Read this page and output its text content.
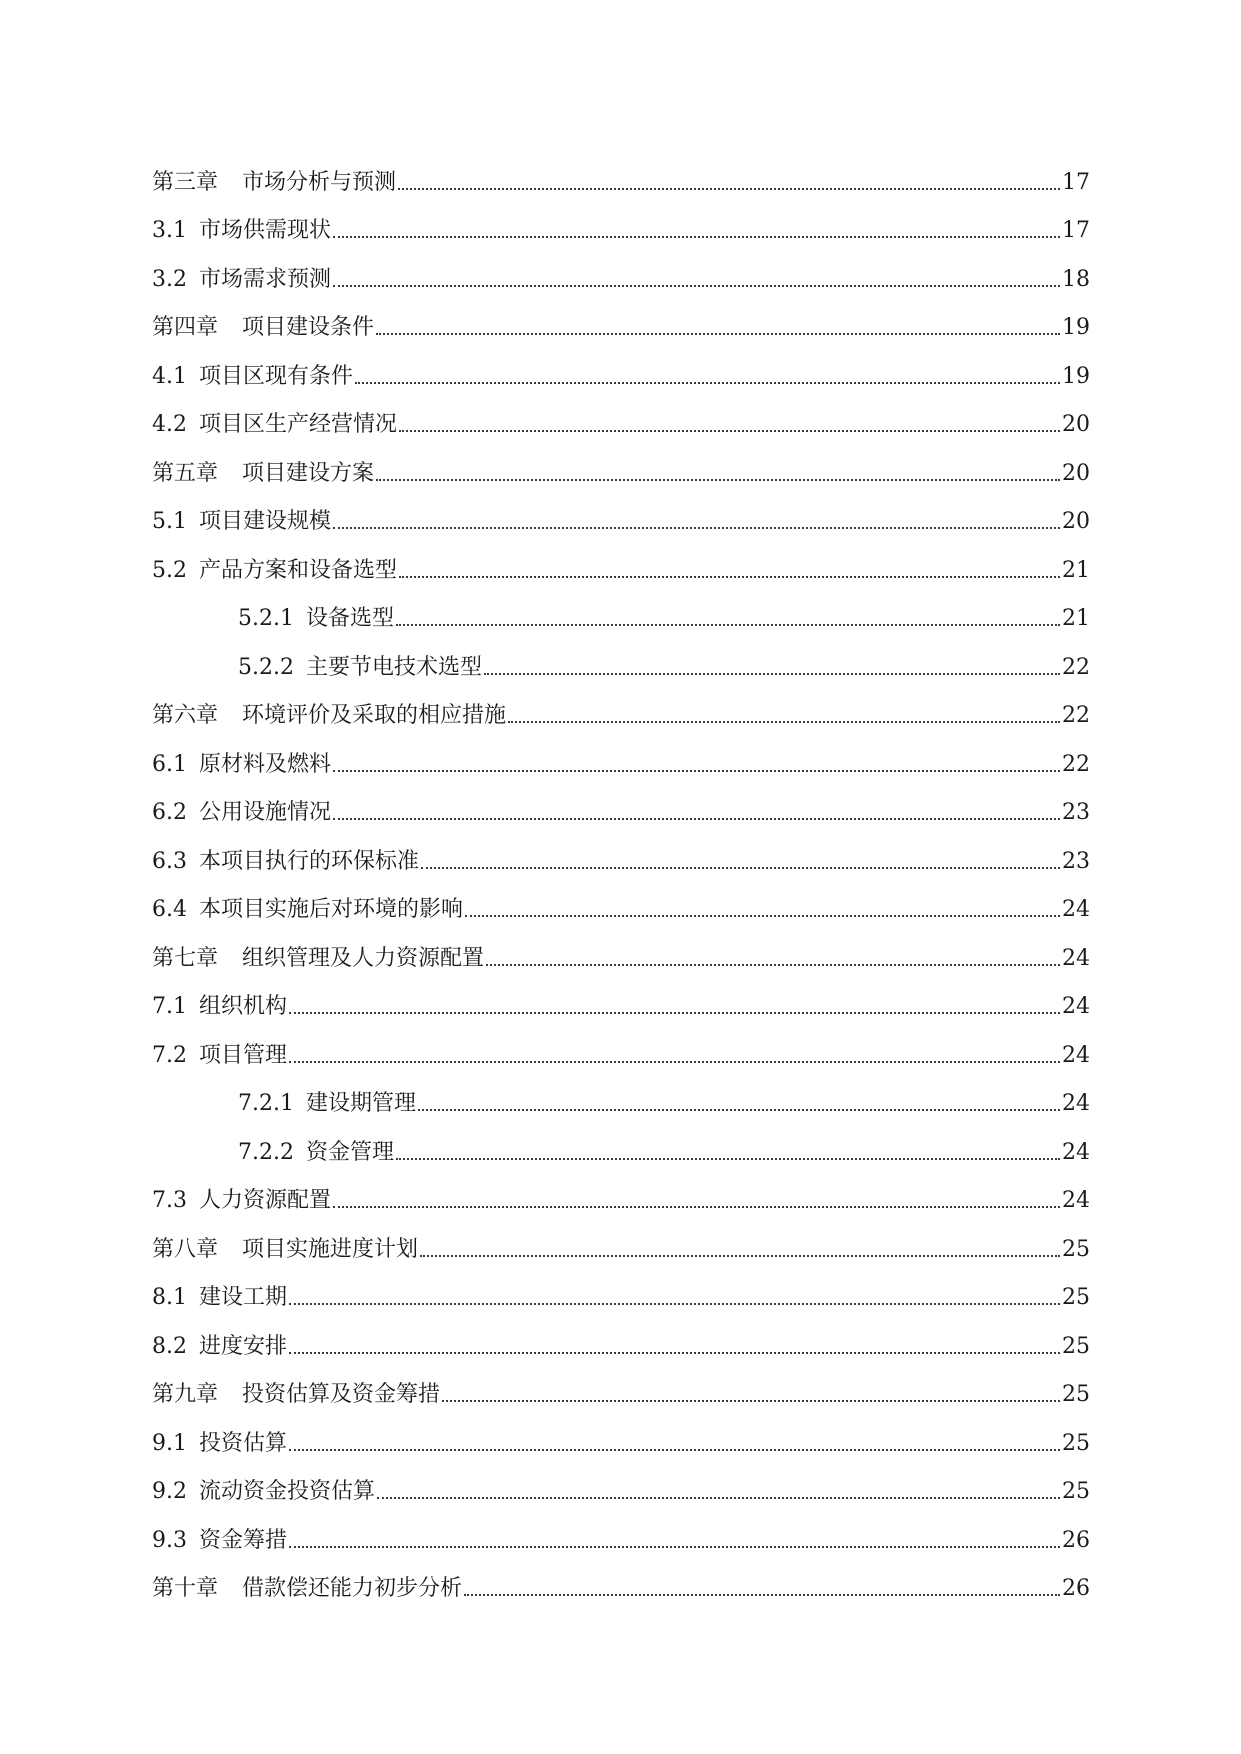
第三章 市场分析与预测	17
3.1 市场供需现状	17
3.2 市场需求预测	18
第四章 项目建设条件	19
4.1 项目区现有条件	19
4.2 项目区生产经营情况	20
第五章 项目建设方案	20
5.1 项目建设规模	20
5.2 产品方案和设备选型	21
5.2.1 设备选型	21
5.2.2 主要节电技术选型	22
第六章 环境评价及采取的相应措施	22
6.1 原材料及燃料	22
6.2 公用设施情况	23
6.3 本项目执行的环保标准	23
6.4 本项目实施后对环境的影响	24
第七章 组织管理及人力资源配置	24
7.1 组织机构	24
7.2 项目管理	24
7.2.1 建设期管理	24
7.2.2 资金管理	24
7.3 人力资源配置	24
第八章 项目实施进度计划	25
8.1 建设工期	25
8.2 进度安排	25
第九章 投资估算及资金筹措	25
9.1 投资估算	25
9.2 流动资金投资估算	25
9.3 资金筹措	26
第十章 借款偿还能力初步分析	26
